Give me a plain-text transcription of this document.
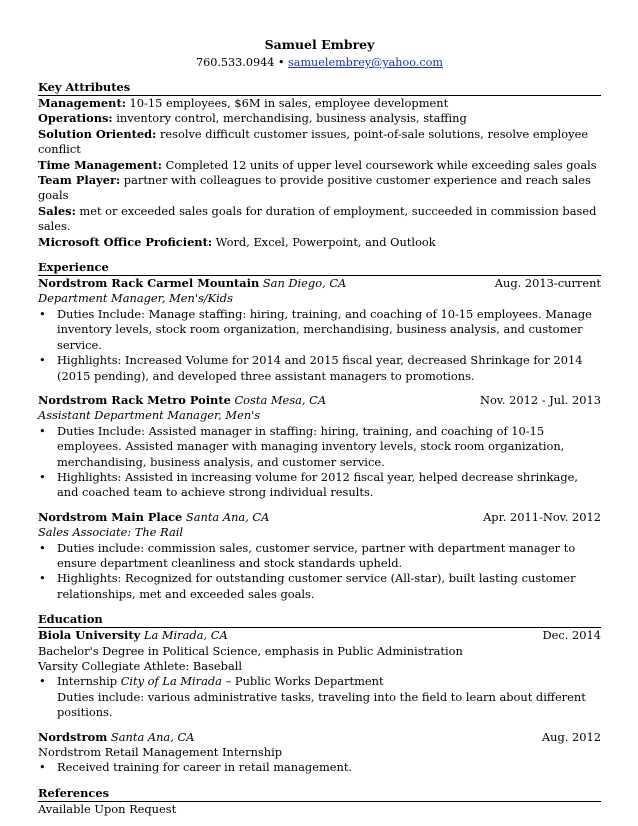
Samuel Embrey
760.533.0944 • samuelembrey@yahoo.com
Key Attributes
Management: 10-15 employees, $6M in sales, employee development
Operations: inventory control, merchandising, business analysis, staffing
Solution Oriented: resolve difficult customer issues, point-of-sale solutions, resolve employee conflict
Time Management: Completed 12 units of upper level coursework while exceeding sales goals
Team Player: partner with colleagues to provide positive customer experience and reach sales goals
Sales: met or exceeded sales goals for duration of employment, succeeded in commission based sales.
Microsoft Office Proficient: Word, Excel, Powerpoint, and Outlook
Experience
Nordstrom Rack Carmel Mountain San Diego, CA	Aug. 2013-current
Department Manager, Men's/Kids
• Duties Include: Manage staffing: hiring, training, and coaching of 10-15 employees. Manage inventory levels, stock room organization, merchandising, business analysis, and customer service.
• Highlights: Increased Volume for 2014 and 2015 fiscal year, decreased Shrinkage for 2014 (2015 pending), and developed three assistant managers to promotions.
Nordstrom Rack Metro Pointe Costa Mesa, CA	Nov. 2012 - Jul. 2013
Assistant Department Manager, Men's
• Duties Include: Assisted manager in staffing: hiring, training, and coaching of 10-15 employees. Assisted manager with managing inventory levels, stock room organization, merchandising, business analysis, and customer service.
• Highlights: Assisted in increasing volume for 2012 fiscal year, helped decrease shrinkage, and coached team to achieve strong individual results.
Nordstrom Main Place Santa Ana, CA	Apr. 2011-Nov. 2012
Sales Associate: The Rail
• Duties include: commission sales, customer service, partner with department manager to ensure department cleanliness and stock standards upheld.
• Highlights: Recognized for outstanding customer service (All-star), built lasting customer relationships, met and exceeded sales goals.
Education
Biola University La Mirada, CA	Dec. 2014
Bachelor's Degree in Political Science, emphasis in Public Administration
Varsity Collegiate Athlete: Baseball
• Internship City of La Mirada – Public Works Department
Duties include: various administrative tasks, traveling into the field to learn about different positions.
Nordstrom Santa Ana, CA	Aug. 2012
Nordstrom Retail Management Internship
• Received training for career in retail management.
References
Available Upon Request
